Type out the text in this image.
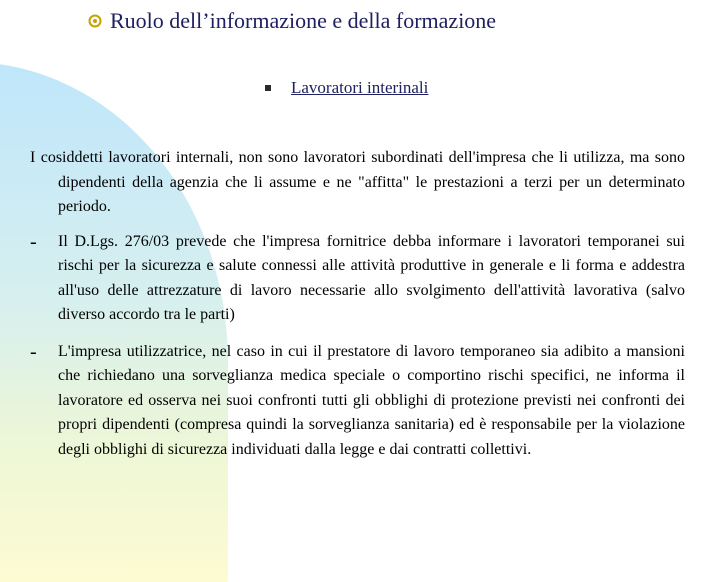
Ruolo dell’informazione e della formazione
Lavoratori interinali

I cosiddetti lavoratori internali, non sono lavoratori subordinati dell'impresa che li utilizza, ma sono dipendenti della agenzia che li assume e ne "affitta" le prestazioni a terzi per un determinato periodo.

- Il D.Lgs. 276/03 prevede che l'impresa fornitrice debba informare i lavoratori temporanei sui rischi per la sicurezza e salute connessi alle attività produttive in generale e li forma e addestra all'uso delle attrezzature di lavoro necessarie allo svolgimento dell'attività lavorativa (salvo diverso accordo tra le parti)
- L'impresa utilizzatrice, nel caso in cui il prestatore di lavoro temporaneo sia adibito a mansioni che richiedano una sorveglianza medica speciale o comportino rischi specifici, ne informa il lavoratore ed osserva nei suoi confronti tutti gli obblighi di protezione previsti nei confronti dei propri dipendenti (compresa quindi la sorveglianza sanitaria) ed è responsabile per la violazione degli obblighi di sicurezza individuati dalla legge e dai contratti collettivi.
